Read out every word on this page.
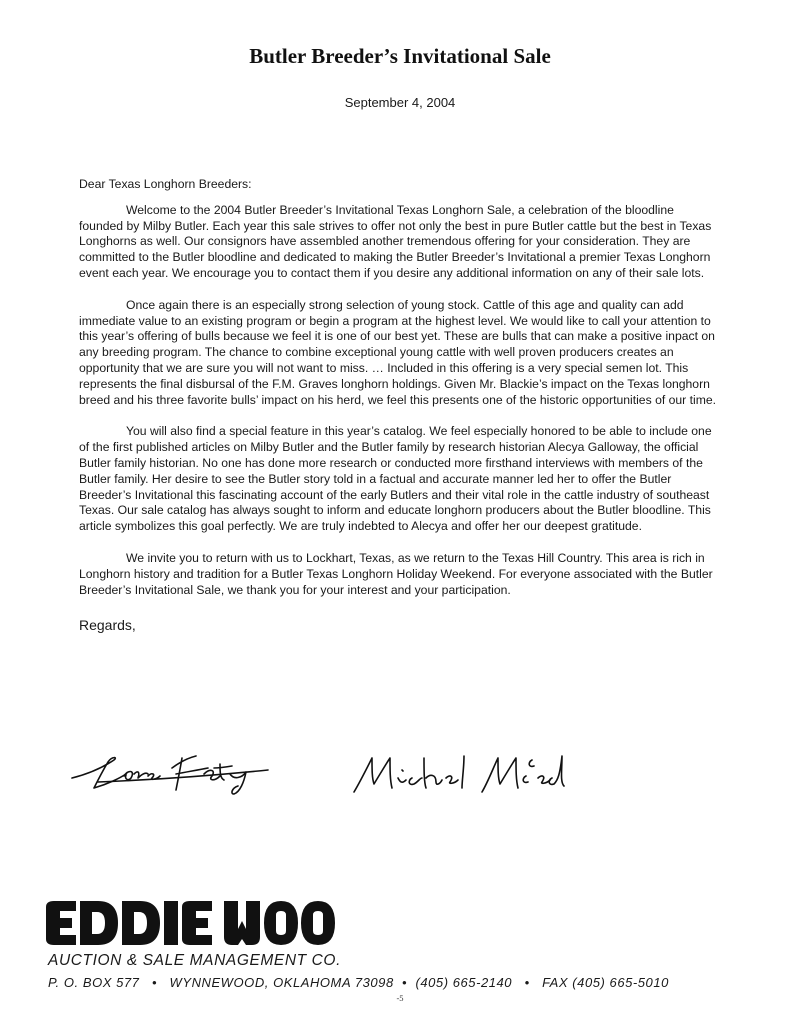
Butler Breeder’s Invitational Sale
September 4, 2004

Dear Texas Longhorn Breeders:

Welcome to the 2004 Butler Breeder’s Invitational Texas Longhorn Sale, a celebration of the bloodline founded by Milby Butler. Each year this sale strives to offer not only the best in pure Butler cattle but the best in Texas Longhorns as well. Our consignors have assembled another tremendous offering for your consideration. They are committed to the Butler bloodline and dedicated to making the Butler Breeder’s Invitational a premier Texas Longhorn event each year. We encourage you to contact them if you desire any additional information on any of their sale lots.

Once again there is an especially strong selection of young stock. Cattle of this age and quality can add immediate value to an existing program or begin a program at the highest level. We would like to call your attention to this year’s offering of bulls because we feel it is one of our best yet. These are bulls that can make a positive inpact on any breeding program. The chance to combine exceptional young cattle with well proven producers creates an opportunity that we are sure you will not want to miss. … Included in this offering is a very special semen lot. This represents the final disbursal of the F.M. Graves longhorn holdings. Given Mr. Blackie’s impact on the Texas longhorn breed and his three favorite bulls’ impact on his herd, we feel this presents one of the historic opportunities of our time.

You will also find a special feature in this year’s catalog. We feel especially honored to be able to include one of the first published articles on Milby Butler and the Butler family by research historian Alecya Galloway, the official Butler family historian. No one has done more research or conducted more firsthand interviews with members of the Butler family. Her desire to see the Butler story told in a factual and accurate manner led her to offer the Butler Breeder’s Invitational this fascinating account of the early Butlers and their vital role in the cattle industry of southeast Texas. Our sale catalog has always sought to inform and educate longhorn producers about the Butler bloodline. This article symbolizes this goal perfectly. We are truly indebted to Alecya and offer her our deepest gratitude.

We invite you to return with us to Lockhart, Texas, as we return to the Texas Hill Country. This area is rich in Longhorn history and tradition for a Butler Texas Longhorn Holiday Weekend. For everyone associated with the Butler Breeder’s Invitational Sale, we thank you for your interest and your participation.

Regards,

AUCTION & SALE MANAGEMENT CO.
P. O. BOX 577   •   WYNNEWOOD, OKLAHOMA 73098  •  (405) 665-2140   •   FAX (405) 665-5010
-5
